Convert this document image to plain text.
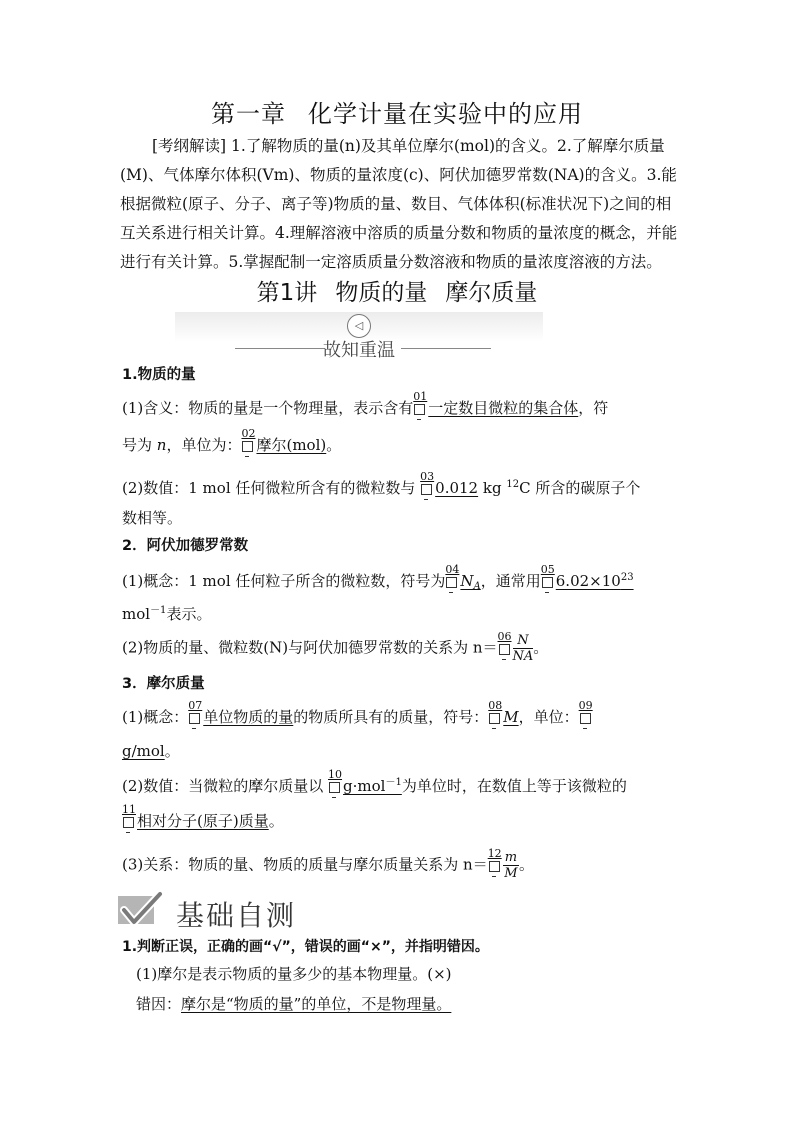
第一章 化学计量在实验中的应用
[考纲解读] 1.了解物质的量(n)及其单位摩尔(mol)的含义。2.了解摩尔质量(M)、气体摩尔体积(Vm)、物质的量浓度(c)、阿伏加德罗常数(NA)的含义。3.能根据微粒(原子、分子、离子等)物质的量、数目、气体体积(标准状况下)之间的相互关系进行相关计算。4.理解溶液中溶质的质量分数和物质的量浓度的概念，并能进行有关计算。5.掌握配制一定溶质质量分数溶液和物质的量浓度溶液的方法。
第1讲 物质的量 摩尔质量
◁
故知重温
1.物质的量
(1)含义：物质的量是一个物理量，表示含有
01
一定数目微粒的集合体，符
号为 n，单位为：
02
摩尔(mol)。
(2)数值：1 mol 任何微粒所含有的微粒数与
03
0.012 kg $^{12}$C 所含的碳原子个
数相等。
2．阿伏加德罗常数
(1)概念：1 mol 任何粒子所含的微粒数，符号为
04
$N_A$，通常用
05
$6.02\times 10^{23}$
mol$^{-1}$表示。
(2)物质的量、微粒数(N)与阿伏加德罗常数的关系为 n＝
$06 \frac{N}{NA}$ 。
3．摩尔质量
(1)概念：
07
单位物质的量的物质所具有的质量，符号：
08
M，单位：
09
g/mol。
(2)数值：当微粒的摩尔质量以
10
g·mol$^{-1}$为单位时，在数值上等于该微粒的
11
相对分子(原子)质量。
(3)关系：物质的量、物质的质量与摩尔质量关系为 n＝
$12 \frac{m}{M}$ 。
基础自测
1.判断正误，正确的画“√”，错误的画“×”，并指明错因。
(1)摩尔是表示物质的量多少的基本物理量。(×)
错因：摩尔是“物质的量”的单位，不是物理量。
